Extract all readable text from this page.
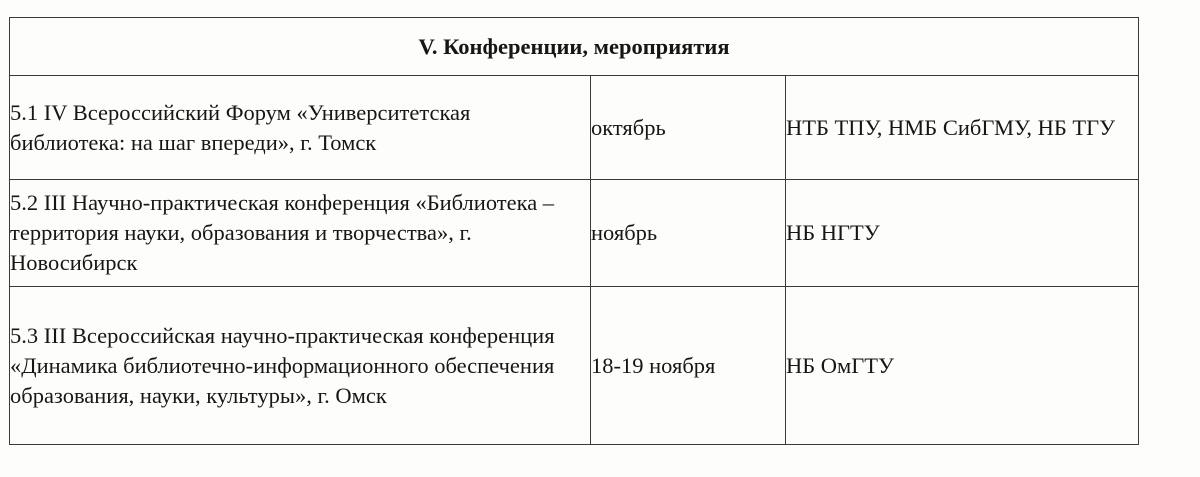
V. Конференции, мероприятия		

5.1 IV Всероссийский Форум «Университетская библиотека: на шаг впереди», г. Томск	октябрь	НТБ ТПУ, НМБ СибГМУ, НБ ТГУ

5.2 III Научно-практическая конференция «Библиотека – территория науки, образования и творчества», г. Новосибирск	ноябрь	НБ НГТУ

5.3 III Всероссийская научно-практическая конференция «Динамика библиотечно-информационного обеспечения образования, науки, культуры», г. Омск	18-19 ноября	НБ ОмГТУ
